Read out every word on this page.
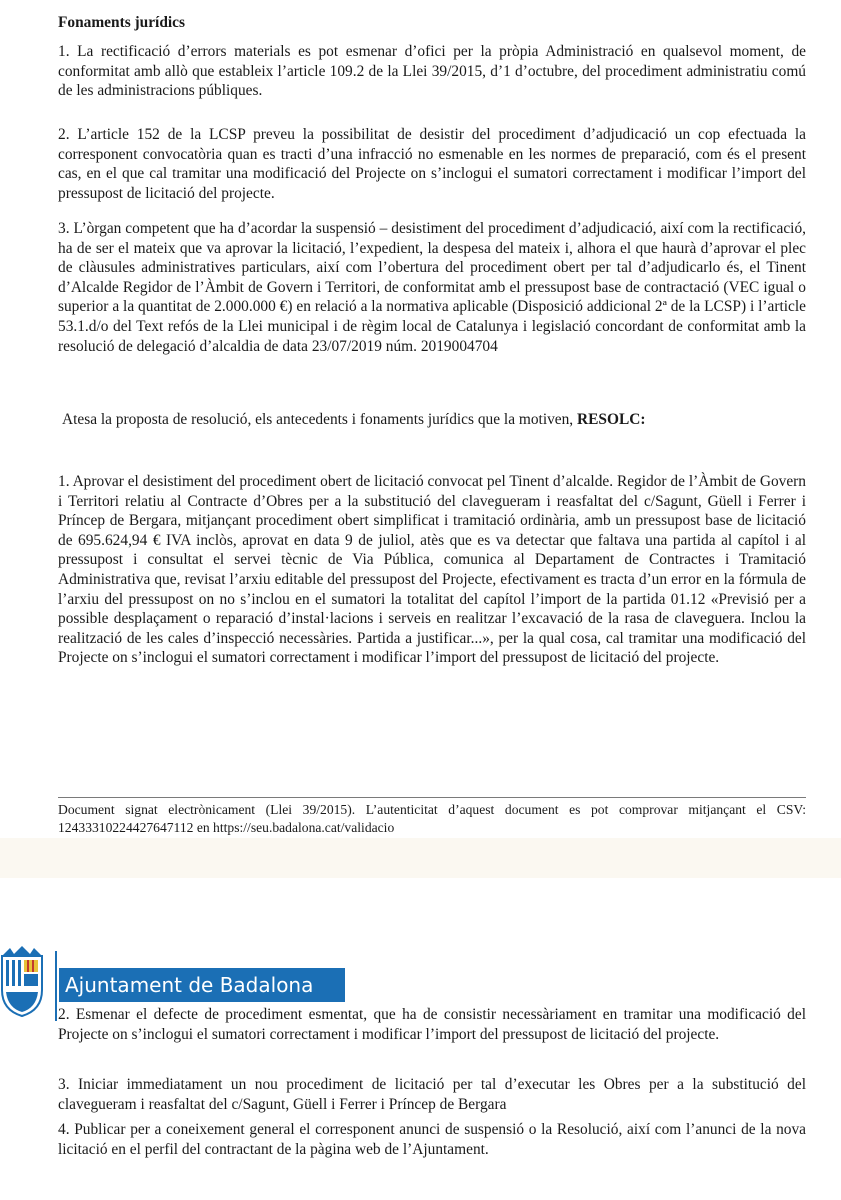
Fonaments jurídics
1. La rectificació d’errors materials es pot esmenar d’ofici per la pròpia Administració en qualsevol moment, de conformitat amb allò que estableix l’article 109.2 de la Llei 39/2015, d’1 d’octubre, del procediment administratiu comú de les administracions públiques.
2. L’article 152 de la LCSP preveu la possibilitat de desistir del procediment d’adjudicació un cop efectuada la corresponent convocatòria quan es tracti d’una infracció no esmenable en les normes de preparació, com és el present cas, en el que cal tramitar una modificació del Projecte on s’inclogui el sumatori correctament i modificar l’import del pressupost de licitació del projecte.
3. L’òrgan competent que ha d’acordar la suspensió – desistiment del procediment d’adjudicació, així com la rectificació, ha de ser el mateix que va aprovar la licitació, l’expedient, la despesa del mateix i, alhora el que haurà d’aprovar el plec de clàusules administratives particulars, així com l’obertura del procediment obert per tal d’adjudicarlo és, el Tinent d’Alcalde Regidor de l’Àmbit de Govern i Territori, de conformitat amb el pressupost base de contractació (VEC igual o superior a la quantitat de 2.000.000 €) en relació a la normativa aplicable (Disposició addicional 2ª de la LCSP) i l’article 53.1.d/o del Text refós de la Llei municipal i de règim local de Catalunya i legislació concordant de conformitat amb la resolució de delegació d’alcaldia de data 23/07/2019 núm. 2019004704
Atesa la proposta de resolució, els antecedents i fonaments jurídics que la motiven, RESOLC:
1. Aprovar el desistiment del procediment obert de licitació convocat pel Tinent d’alcalde. Regidor de l’Àmbit de Govern i Territori relatiu al Contracte d’Obres per a la substitució del clavegueram i reasfaltat del c/Sagunt, Güell i Ferrer i Príncep de Bergara, mitjançant procediment obert simplificat i tramitació ordinària, amb un pressupost base de licitació de 695.624,94 € IVA inclòs, aprovat en data 9 de juliol, atès que es va detectar que faltava una partida al capítol i al pressupost i consultat el servei tècnic de Via Pública, comunica al Departament de Contractes i Tramitació Administrativa que, revisat l’arxiu editable del pressupost del Projecte, efectivament es tracta d’un error en la fórmula de l’arxiu del pressupost on no s’inclou en el sumatori la totalitat del capítol l’import de la partida 01.12 «Previsió per a possible desplaçament o reparació d’instal·lacions i serveis en realitzar l’excavació de la rasa de claveguera. Inclou la realització de les cales d’inspecció necessàries. Partida a justificar...», per la qual cosa, cal tramitar una modificació del Projecte on s’inclogui el sumatori correctament i modificar l’import del pressupost de licitació del projecte.
Document signat electrònicament (Llei 39/2015). L’autenticitat d’aquest document es pot comprovar mitjançant el CSV: 12433310224427647112 en https://seu.badalona.cat/validacio
Ajuntament de Badalona
2. Esmenar el defecte de procediment esmentat, que ha de consistir necessàriament en tramitar una modificació del Projecte on s’inclogui el sumatori correctament i modificar l’import del pressupost de licitació del projecte.
3. Iniciar immediatament un nou procediment de licitació per tal d’executar les Obres per a la substitució del clavegueram i reasfaltat del c/Sagunt, Güell i Ferrer i Príncep de Bergara
4. Publicar per a coneixement general el corresponent anunci de suspensió o la Resolució, així com l’anunci de la nova licitació en el perfil del contractant de la pàgina web de l’Ajuntament.
